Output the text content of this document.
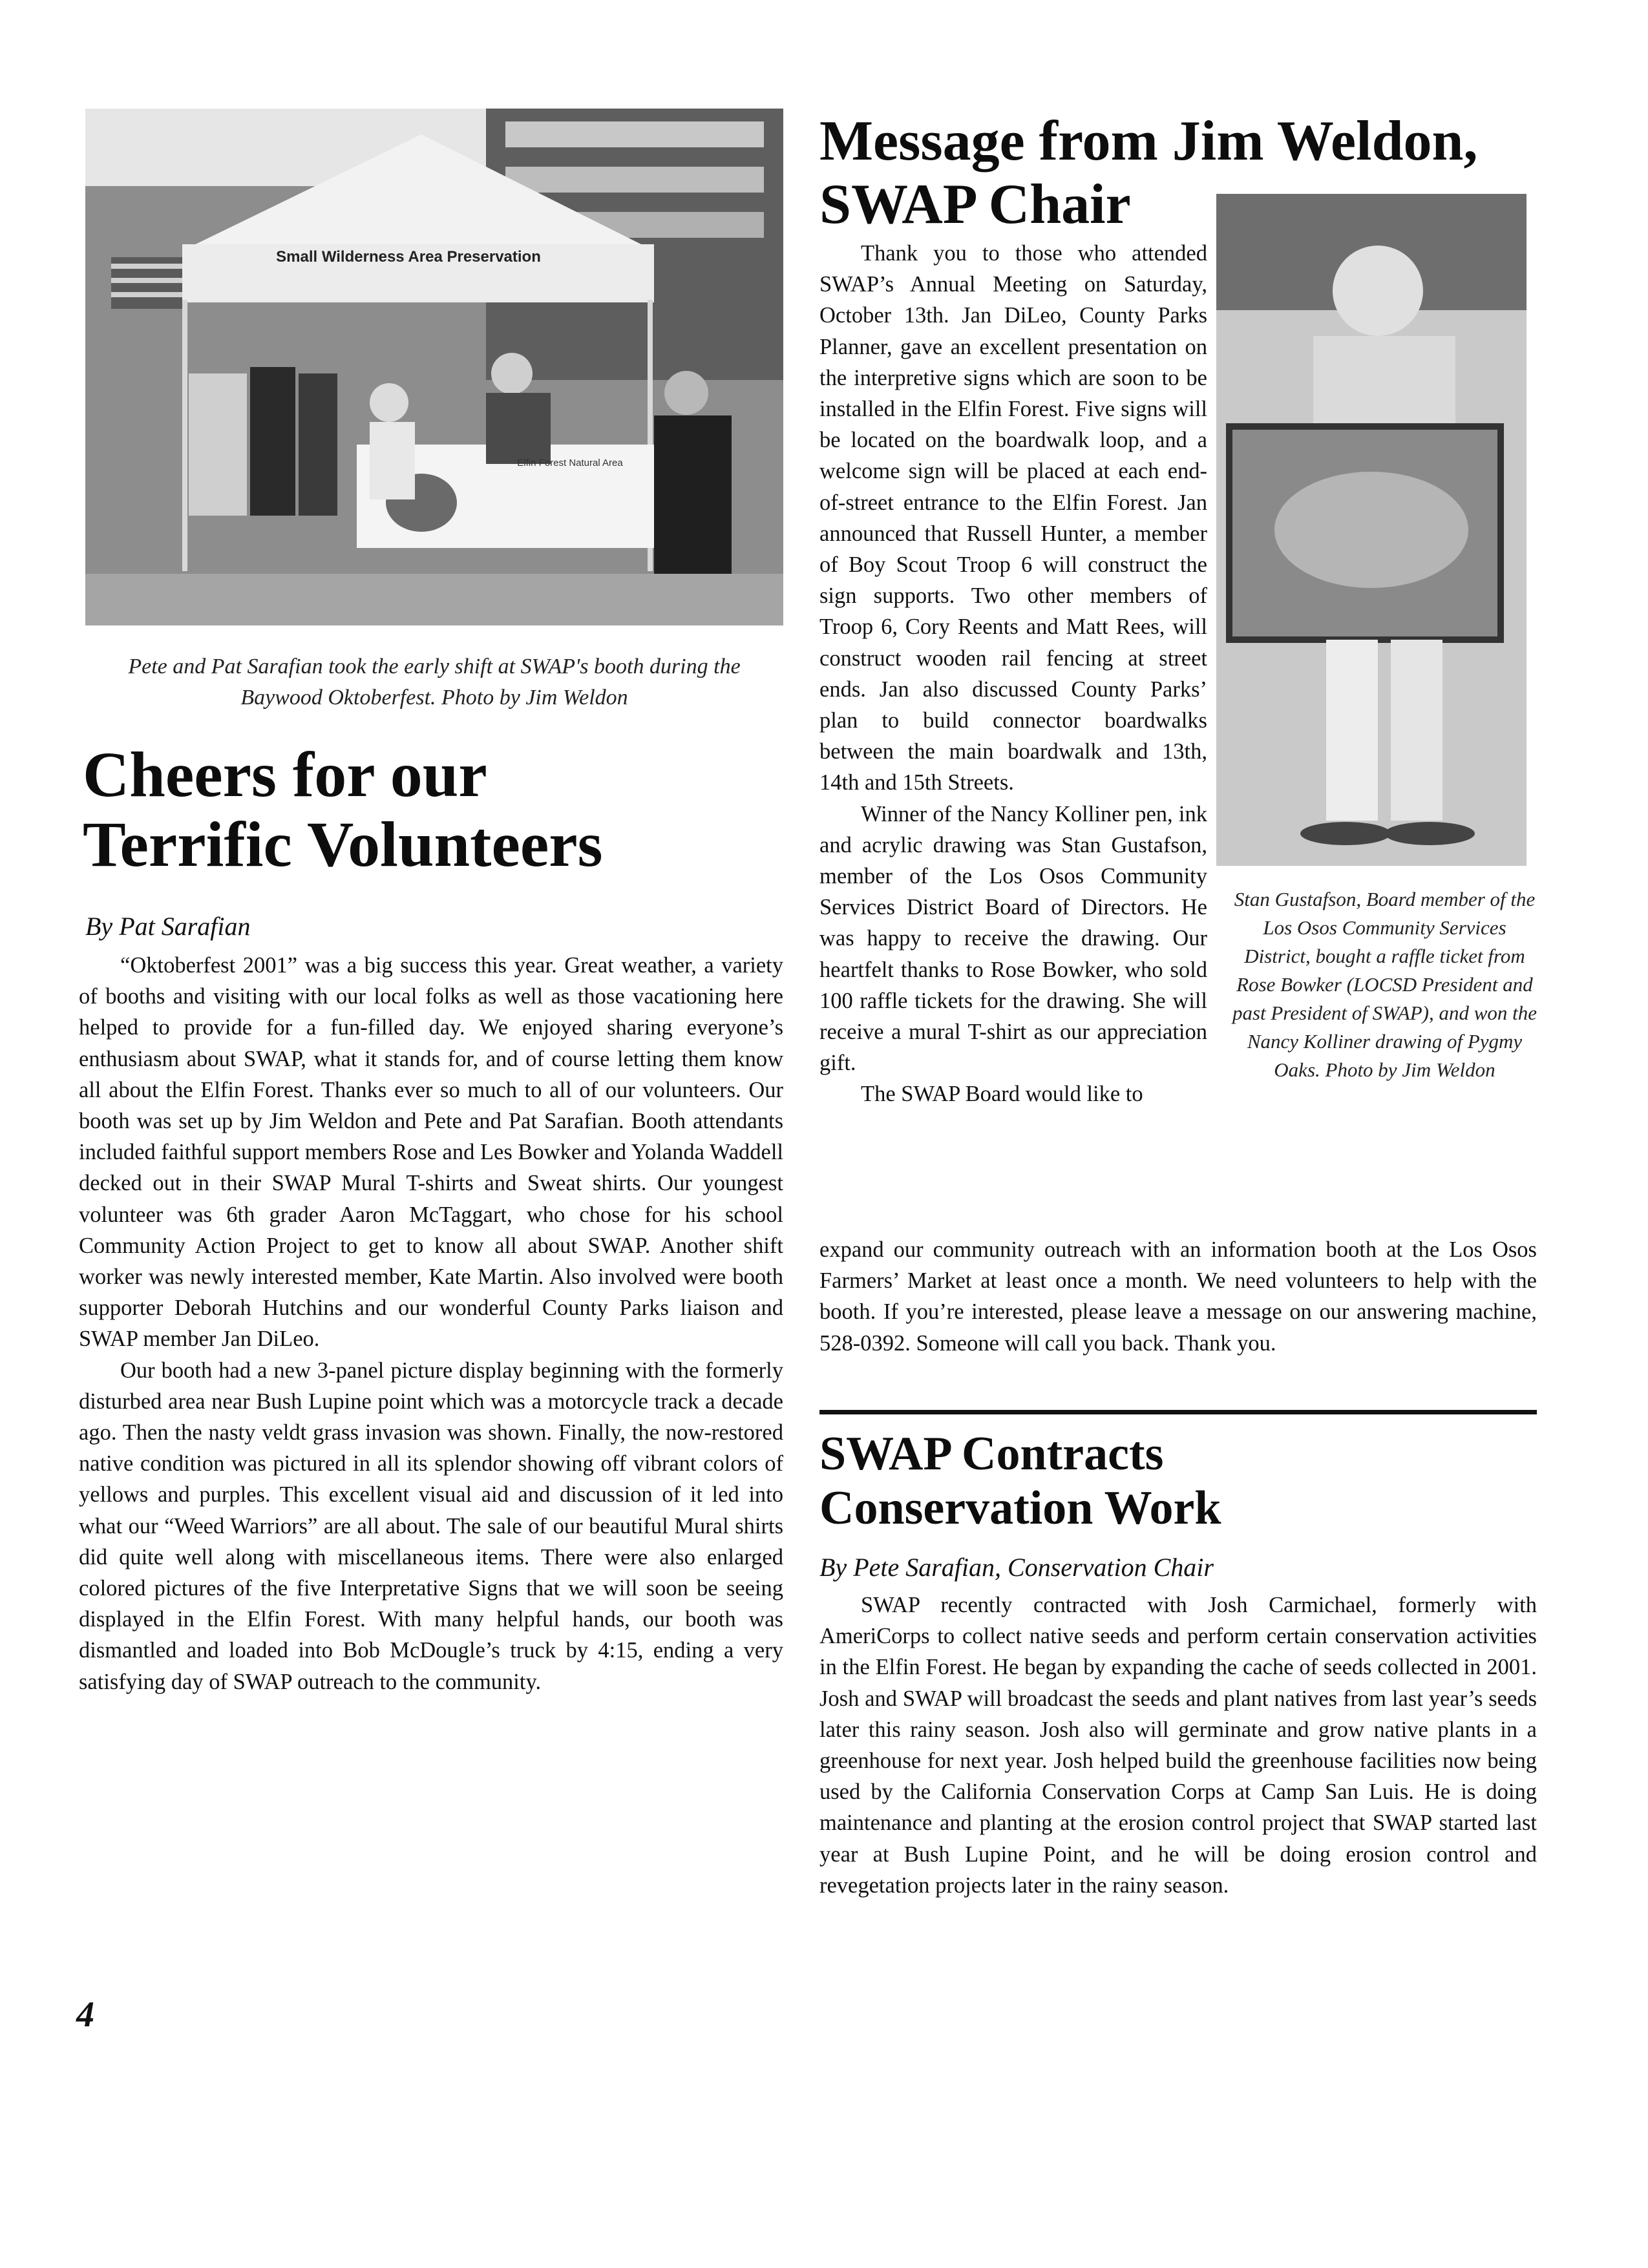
Small Wilderness Area Preservation
Elfin Forest Natural Area
Pete and Pat Sarafian took the early shift at SWAP's booth during the Baywood Oktoberfest. Photo by Jim Weldon
Cheers for our
Terrific Volunteers
By Pat Sarafian

“Oktoberfest 2001” was a big success this year. Great weather, a variety of booths and visiting with our local folks as well as those vacationing here helped to provide for a fun-filled day. We enjoyed sharing everyone’s enthusiasm about SWAP, what it stands for, and of course letting them know all about the Elfin Forest. Thanks ever so much to all of our volunteers. Our booth was set up by Jim Weldon and Pete and Pat Sarafian. Booth attendants included faithful support members Rose and Les Bowker and Yolanda Waddell decked out in their SWAP Mural T-shirts and Sweat shirts. Our youngest volunteer was 6th grader Aaron McTaggart, who chose for his school Community Action Project to get to know all about SWAP. Another shift worker was newly interested member, Kate Martin. Also involved were booth supporter Deborah Hutchins and our wonderful County Parks liaison and SWAP member Jan DiLeo.

Our booth had a new 3-panel picture display beginning with the formerly disturbed area near Bush Lupine point which was a motorcycle track a decade ago. Then the nasty veldt grass invasion was shown. Finally, the now-restored native condition was pictured in all its splendor showing off vibrant colors of yellows and purples. This excellent visual aid and discussion of it led into what our “Weed Warriors” are all about. The sale of our beautiful Mural shirts did quite well along with miscellaneous items. There were also enlarged colored pictures of the five Interpretative Signs that we will soon be seeing displayed in the Elfin Forest. With many helpful hands, our booth was dismantled and loaded into Bob McDougle’s truck by 4:15, ending a very satisfying day of SWAP outreach to the community.

4
Message from Jim Weldon,
SWAP Chair

Thank you to those who attended SWAP’s Annual Meeting on Saturday, October 13th. Jan DiLeo, County Parks Planner, gave an excellent presentation on the interpretive signs which are soon to be installed in the Elfin Forest. Five signs will be located on the boardwalk loop, and a welcome sign will be placed at each end-of-street entrance to the Elfin Forest. Jan announced that Russell Hunter, a member of Boy Scout Troop 6 will construct the sign supports. Two other members of Troop 6, Cory Reents and Matt Rees, will construct wooden rail fencing at street ends. Jan also discussed County Parks’ plan to build connector boardwalks between the main boardwalk and 13th, 14th and 15th Streets.

Winner of the Nancy Kolliner pen, ink and acrylic drawing was Stan Gustafson, member of the Los Osos Community Services District Board of Directors. He was happy to receive the drawing. Our heartfelt thanks to Rose Bowker, who sold 100 raffle tickets for the drawing. She will receive a mural T-shirt as our appreciation gift.

The SWAP Board would like to

Stan Gustafson, Board member of the Los Osos Community Services District, bought a raffle ticket from Rose Bowker (LOCSD President and past President of SWAP), and won the Nancy Kolliner drawing of Pygmy Oaks. Photo by Jim Weldon

expand our community outreach with an information booth at the Los Osos Farmers’ Market at least once a month. We need volunteers to help with the booth. If you’re interested, please leave a message on our answering machine, 528-0392. Someone will call you back. Thank you.

SWAP Contracts
Conservation Work
By Pete Sarafian, Conservation Chair

SWAP recently contracted with Josh Carmichael, formerly with AmeriCorps to collect native seeds and perform certain conservation activities in the Elfin Forest. He began by expanding the cache of seeds collected in 2001. Josh and SWAP will broadcast the seeds and plant natives from last year’s seeds later this rainy season. Josh also will germinate and grow native plants in a greenhouse for next year. Josh helped build the greenhouse facilities now being used by the California Conservation Corps at Camp San Luis. He is doing maintenance and planting at the erosion control project that SWAP started last year at Bush Lupine Point, and he will be doing erosion control and revegetation projects later in the rainy season.
